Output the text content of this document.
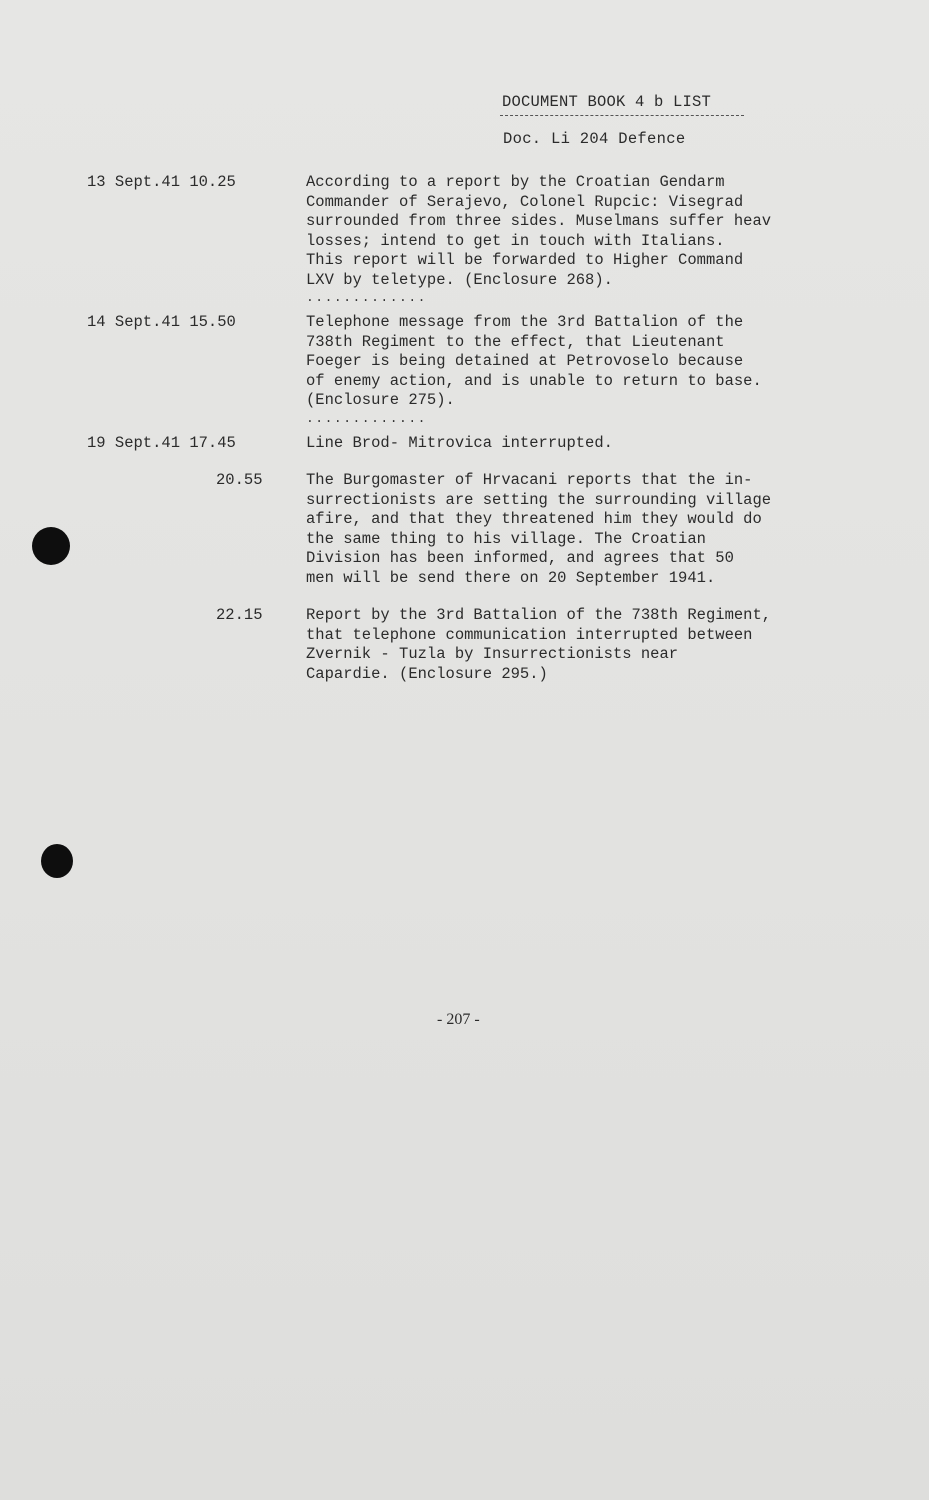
DOCUMENT BOOK 4 b LIST
Doc. Li 204 Defence
13 Sept.41 10.25	According to a report by the Croatian Gendarm
Commander of Serajevo, Colonel Rupcic: Visegrad
surrounded from three sides. Muselmans suffer heav
losses; intend to get in touch with Italians.
This report will be forwarded to Higher Command
LXV by teletype. (Enclosure 268).
.............
14 Sept.41 15.50	Telephone message from the 3rd Battalion of the
738th Regiment to the effect, that Lieutenant
Foeger is being detained at Petrovoselo because
of enemy action, and is unable to return to base.
(Enclosure 275).
.............
19 Sept.41 17.45	Line Brod- Mitrovica interrupted.
20.55	The Burgomaster of Hrvacani reports that the in-
surrectionists are setting the surrounding village
afire, and that they threatened him they would do
the same thing to his village. The Croatian
Division has been informed, and agrees that 50
men will be send there on 20 September 1941.
22.15	Report by the 3rd Battalion of the 738th Regiment,
that telephone communication interrupted between
Zvernik - Tuzla by Insurrectionists near
Capardie. (Enclosure 295.)
- 207 -
